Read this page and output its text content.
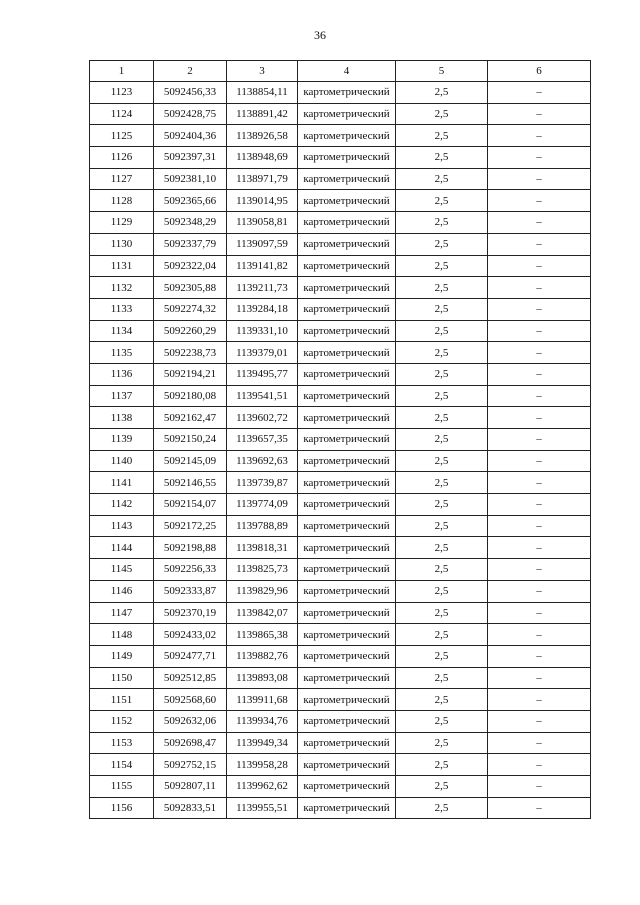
36
1	2	3	4	5	6
1123	5092456,33	1138854,11	картометрический	2,5	–
1124	5092428,75	1138891,42	картометрический	2,5	–
1125	5092404,36	1138926,58	картометрический	2,5	–
1126	5092397,31	1138948,69	картометрический	2,5	–
1127	5092381,10	1138971,79	картометрический	2,5	–
1128	5092365,66	1139014,95	картометрический	2,5	–
1129	5092348,29	1139058,81	картометрический	2,5	–
1130	5092337,79	1139097,59	картометрический	2,5	–
1131	5092322,04	1139141,82	картометрический	2,5	–
1132	5092305,88	1139211,73	картометрический	2,5	–
1133	5092274,32	1139284,18	картометрический	2,5	–
1134	5092260,29	1139331,10	картометрический	2,5	–
1135	5092238,73	1139379,01	картометрический	2,5	–
1136	5092194,21	1139495,77	картометрический	2,5	–
1137	5092180,08	1139541,51	картометрический	2,5	–
1138	5092162,47	1139602,72	картометрический	2,5	–
1139	5092150,24	1139657,35	картометрический	2,5	–
1140	5092145,09	1139692,63	картометрический	2,5	–
1141	5092146,55	1139739,87	картометрический	2,5	–
1142	5092154,07	1139774,09	картометрический	2,5	–
1143	5092172,25	1139788,89	картометрический	2,5	–
1144	5092198,88	1139818,31	картометрический	2,5	–
1145	5092256,33	1139825,73	картометрический	2,5	–
1146	5092333,87	1139829,96	картометрический	2,5	–
1147	5092370,19	1139842,07	картометрический	2,5	–
1148	5092433,02	1139865,38	картометрический	2,5	–
1149	5092477,71	1139882,76	картометрический	2,5	–
1150	5092512,85	1139893,08	картометрический	2,5	–
1151	5092568,60	1139911,68	картометрический	2,5	–
1152	5092632,06	1139934,76	картометрический	2,5	–
1153	5092698,47	1139949,34	картометрический	2,5	–
1154	5092752,15	1139958,28	картометрический	2,5	–
1155	5092807,11	1139962,62	картометрический	2,5	–
1156	5092833,51	1139955,51	картометрический	2,5	–
